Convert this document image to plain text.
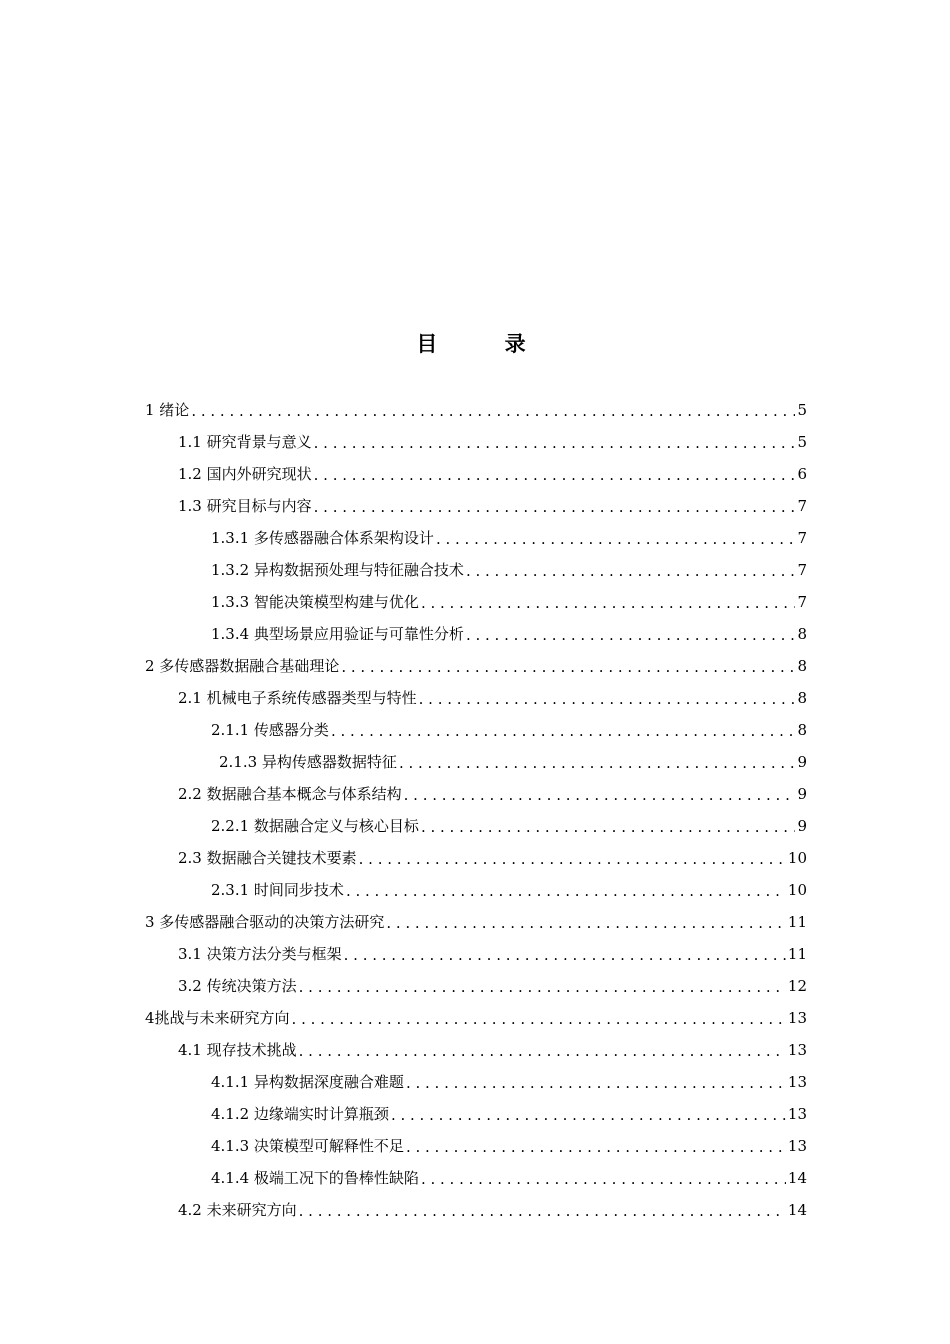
目 录
1 绪论 . . .	5
1.1 研究背景与意义 . . .	5
1.2 国内外研究现状 . . .	6
1.3 研究目标与内容 . . .	7
1.3.1 多传感器融合体系架构设计 . . .	7
1.3.2 异构数据预处理与特征融合技术 . . .	7
1.3.3 智能决策模型构建与优化 . . .	7
1.3.4 典型场景应用验证与可靠性分析 . . .	8
2 多传感器数据融合基础理论 . . .	8
2.1 机械电子系统传感器类型与特性 . . .	8
2.1.1 传感器分类 . . .	8
2.1.3 异构传感器数据特征 . . .	9
2.2 数据融合基本概念与体系结构 . . .	9
2.2.1 数据融合定义与核心目标 . . .	9
2.3 数据融合关键技术要素 . . .	10
2.3.1 时间同步技术 . . .	10
3 多传感器融合驱动的决策方法研究 . . .	11
3.1 决策方法分类与框架 . . .	11
3.2 传统决策方法 . . .	12
4挑战与未来研究方向 . . .	13
4.1 现存技术挑战 . . .	13
4.1.1 异构数据深度融合难题 . . .	13
4.1.2 边缘端实时计算瓶颈 . . .	13
4.1.3 决策模型可解释性不足 . . .	13
4.1.4 极端工况下的鲁棒性缺陷 . . .	14
4.2 未来研究方向 . . .	14
